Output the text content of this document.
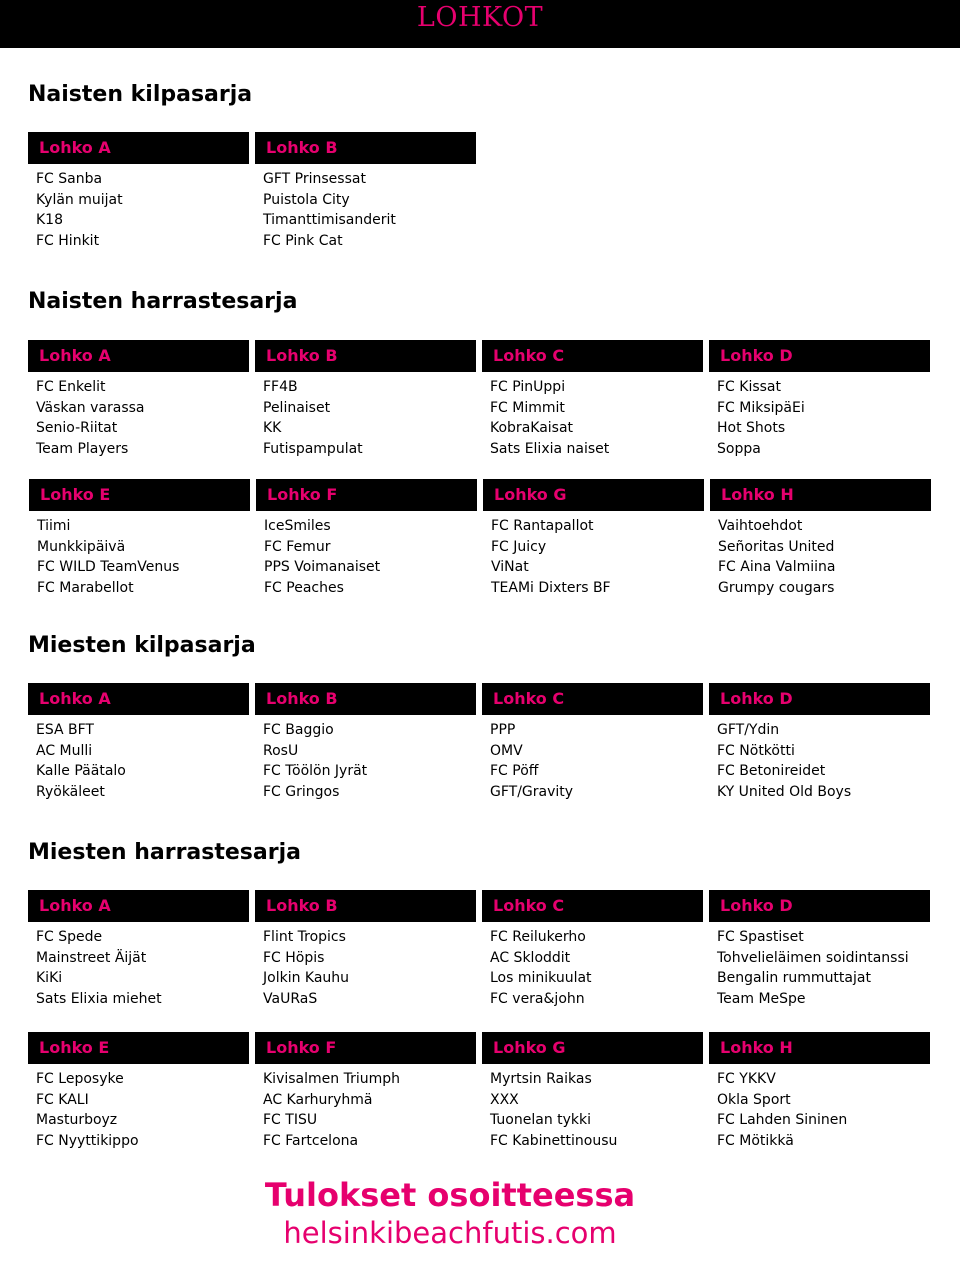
LOHKOT
Naisten kilpasarja
Lohko A
FC Sanba
Kylän muijat
K18
FC Hinkit
Lohko B
GFT Prinsessat
Puistola City
Timanttimisanderit
FC Pink Cat
Naisten harrastesarja
Lohko A
FC Enkelit
Väskan varassa
Senio-Riitat
Team Players
Lohko B
FF4B
Pelinaiset
KK
Futispampulat
Lohko C
FC PinUppi
FC Mimmit
KobraKaisat
Sats Elixia naiset
Lohko D
FC Kissat
FC MiksipäEi
Hot Shots
Soppa
Lohko E
Tiimi
Munkkipäivä
FC WILD TeamVenus
FC Marabellot
Lohko F
IceSmiles
FC Femur
PPS Voimanaiset
FC Peaches
Lohko G
FC Rantapallot
FC Juicy
ViNat
TEAMi Dixters BF
Lohko H
Vaihtoehdot
Señoritas United
FC Aina Valmiina
Grumpy cougars
Miesten kilpasarja
Lohko A
ESA BFT
AC Mulli
Kalle Päätalo
Ryökäleet
Lohko B
FC Baggio
RosU
FC Töölön Jyrät
FC Gringos
Lohko C
PPP
OMV
FC Pöff
GFT/Gravity
Lohko D
GFT/Ydin
FC Nötkötti
FC Betonireidet
KY United Old Boys
Miesten harrastesarja
Lohko A
FC Spede
Mainstreet Äijät
KiKi
Sats Elixia miehet
Lohko B
Flint Tropics
FC Höpis
Jolkin Kauhu
VaURaS
Lohko C
FC Reilukerho
AC Skloddit
Los minikuulat
FC vera&john
Lohko D
FC Spastiset
Tohvelieläimen soidintanssi
Bengalin rummuttajat
Team MeSpe
Lohko E
FC Leposyke
FC KALI
Masturboyz
FC Nyyttikippo
Lohko F
Kivisalmen Triumph
AC Karhuryhmä
FC TISU
FC Fartcelona
Lohko G
Myrtsin Raikas
XXX
Tuonelan tykki
FC Kabinettinousu
Lohko H
FC YKKV
Okla Sport
FC Lahden Sininen
FC Mötikkä
Tulokset osoitteessa
helsinkibeachfutis.com
